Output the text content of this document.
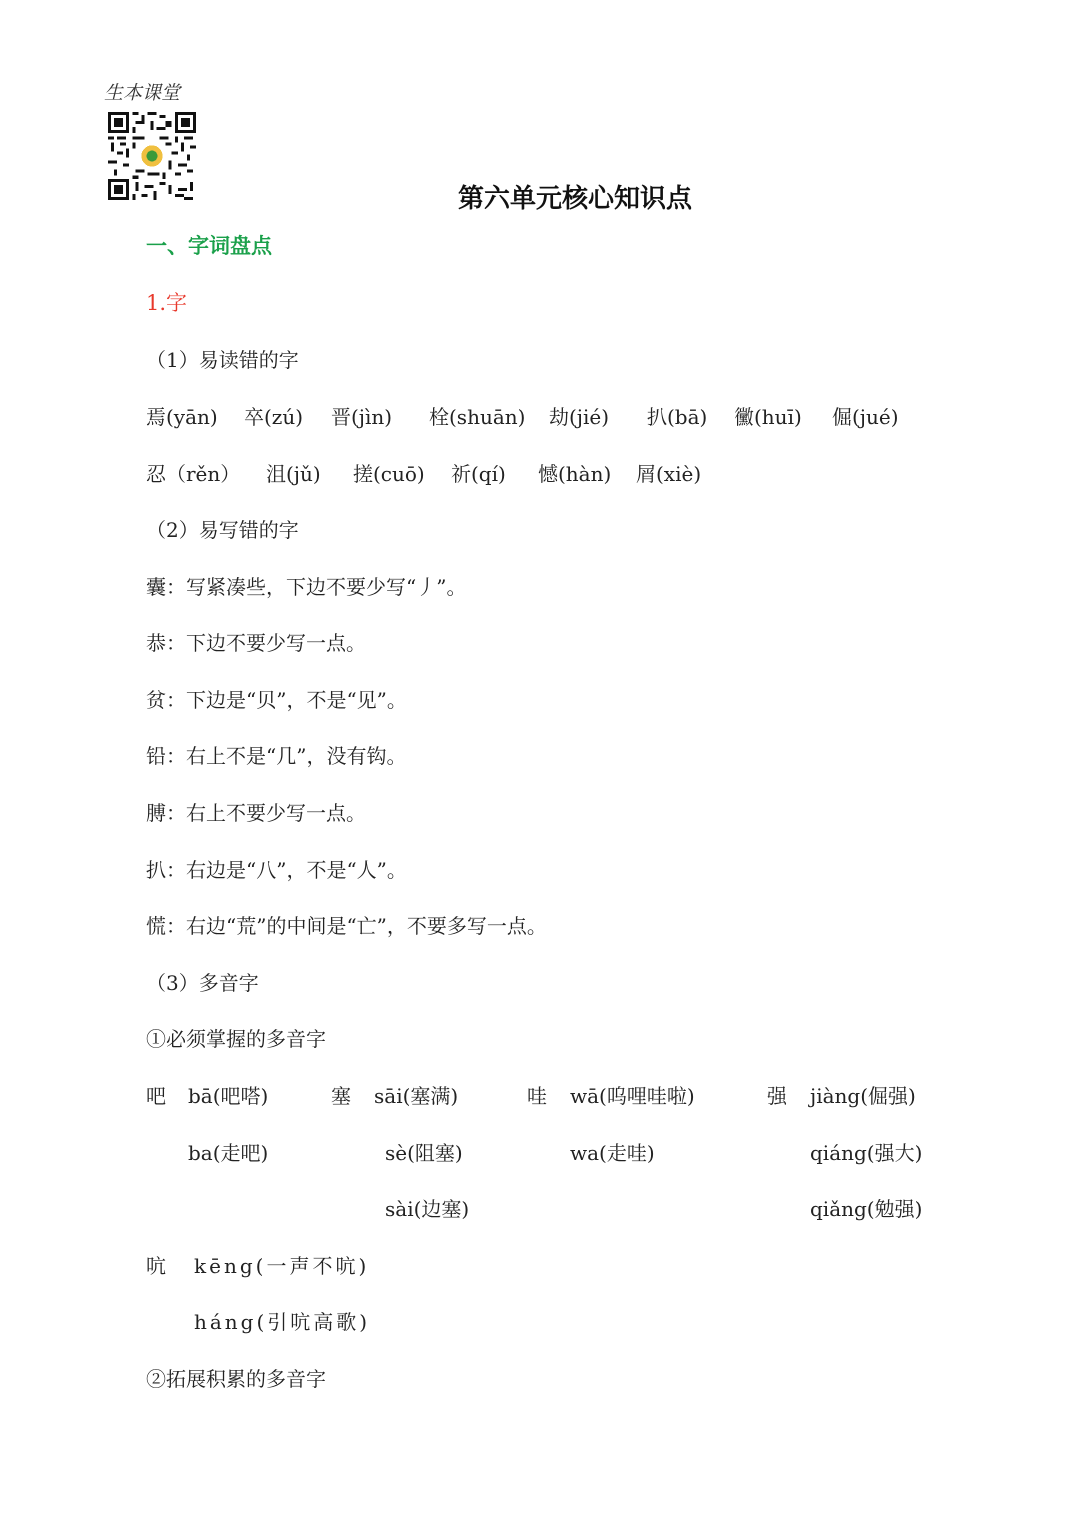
生本课堂
第六单元核心知识点
一、字词盘点
1.字
（1）易读错的字
焉(yān) 卒(zú) 晋(jìn) 栓(shuān) 劫(jié) 扒(bā) 黴(huī) 倔(jué)
忍（rěn） 沮(jǔ) 搓(cuō) 祈(qí) 憾(hàn) 屑(xiè)
（2）易写错的字
囊：写紧凑些，下边不要少写“丿”。
恭：下边不要少写一点。
贫：下边是“贝”，不是“见”。
铅：右上不是“几”，没有钩。
膊：右上不要少写一点。
扒：右边是“八”，不是“人”。
慌：右边“荒”的中间是“亡”，不要多写一点。
（3）多音字
①必须掌握的多音字
吧 bā(吧嗒)
ba(走吧)
塞 sāi(塞满)
sè(阻塞)
sài(边塞)
哇 wā(呜哩哇啦)
wa(走哇)
强 jiàng(倔强)
qiáng(强大)
qiǎng(勉强)
吭 kēng(一声不吭)
háng(引吭高歌)
②拓展积累的多音字
